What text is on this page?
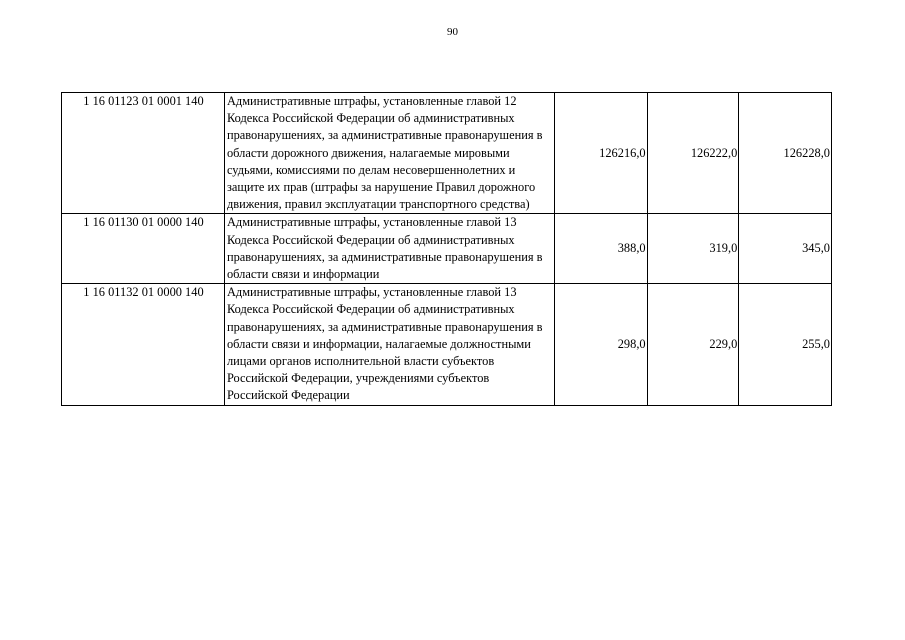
90
1 16 01123 01 0001 140	Административные штрафы, установленные главой 12 Кодекса Российской Федерации об административных правонарушениях, за административные правонарушения в области дорожного движения, налагаемые мировыми судьями, комиссиями по делам несовершеннолетних и защите их прав (штрафы за нарушение Правил дорожного движения, правил эксплуатации транспортного средства)	126216,0	126222,0	126228,0
1 16 01130 01 0000 140	Административные штрафы, установленные главой 13 Кодекса Российской Федерации об административных правонарушениях, за административные правонарушения в области связи и информации	388,0	319,0	345,0
1 16 01132 01 0000 140	Административные штрафы, установленные главой 13 Кодекса Российской Федерации об административных правонарушениях, за административные правонарушения в области связи и информации, налагаемые должностными лицами органов исполнительной власти субъектов Российской Федерации, учреждениями субъектов Российской Федерации	298,0	229,0	255,0
